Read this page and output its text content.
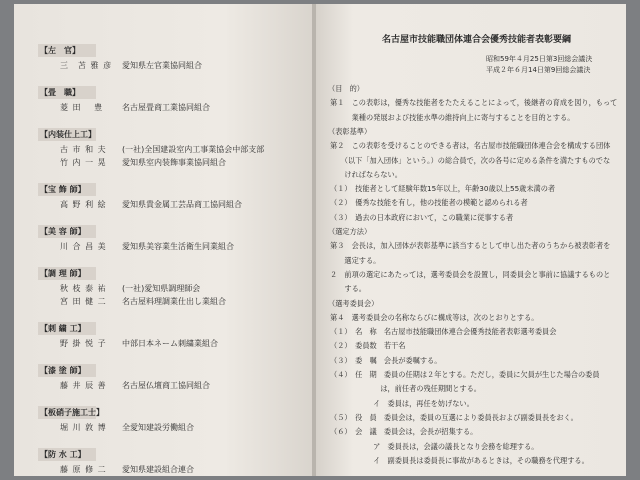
【左　官】
三　苫 雅 彦	愛知県左官業協同組合
【畳　職】
菱 田　 豊	名古屋畳商工業協同組合
【内装仕上工】
古 市 和 夫	(一社)全国建設室内工事業協会中部支部
竹 内 一 晃	愛知県室内装飾事業協同組合
【宝 飾 師】
高 野 利 絵	愛知県貴金属工芸品商工協同組合
【美 容 師】
川 合 昌 美	愛知県美容業生活衛生同業組合
【調 理 師】
秋 枝 泰 祐	(一社)愛知県調理師会
宮 田 健 二	名古屋料理調業仕出し業組合
【刺 繍 工】
野 掛 悦 子	中部日本ネーム刺繍業組合
【漆 塗 師】
藤 井 辰 善	名古屋仏壇商工協同組合
【板硝子施工士】
堀 川 敦 博	全愛知建設労働組合
【防 水 工】
藤 原 修 二	愛知県建設組合連合
名古屋市技能職団体連合会優秀技能者表彰要綱
昭和59年４月25日第3回総会議決
平成２年６月14日第9回総会議決
（目　的）
第１　この表彰は，優秀な技能者をたたえることによって，後継者の育成を図り，もって
　　　業種の発展および技能水準の維持向上に寄与することを目的とする。
（表彰基準）
第２　この表彰を受けることのできる者は，名古屋市技能職団体連合会を構成する団体
　　（以下「加入団体」という。）の総合員で，次の各号に定める条件を満たすものでな
　　ければならない。
（１）　技能者として経験年数15年以上，年齢30歳以上55歳未満の者
（２）　優秀な技能を有し，他の技能者の模範と認められる者
（３）　過去の日本政府において，この職業に従事する者
（選定方法）
第３　会長は，加入団体が表彰基準に該当するとして申し出た者のうちから被表彰者を
　　選定する。
２　前項の選定にあたっては，選考委員会を設置し，同委員会と事前に協議するものと
　　する。
（選考委員会）
第４　選考委員会の名称ならびに構成等は，次のとおりとする。
（１）　名　称　名古屋市技能職団体連合会優秀技能者表彰選考委員会
（２）　委員数　若干名
（３）　委　嘱　会長が委嘱する。
（４）　任　期　委員の任期は２年とする。ただし，委員に欠員が生じた場合の委員
　　　　　　　は，前任者の残任期間とする。
　　　　　　イ　委員は，再任を妨げない。
（５）　役　員　委員会は，委員の互選により委員長および副委員長をおく。
（６）　会　議　委員会は，会長が招集する。
　　　　　　ア　委員長は，会議の議長となり会務を総理する。
　　　　　　イ　副委員長は委員長に事故があるときは，その職務を代理する。
